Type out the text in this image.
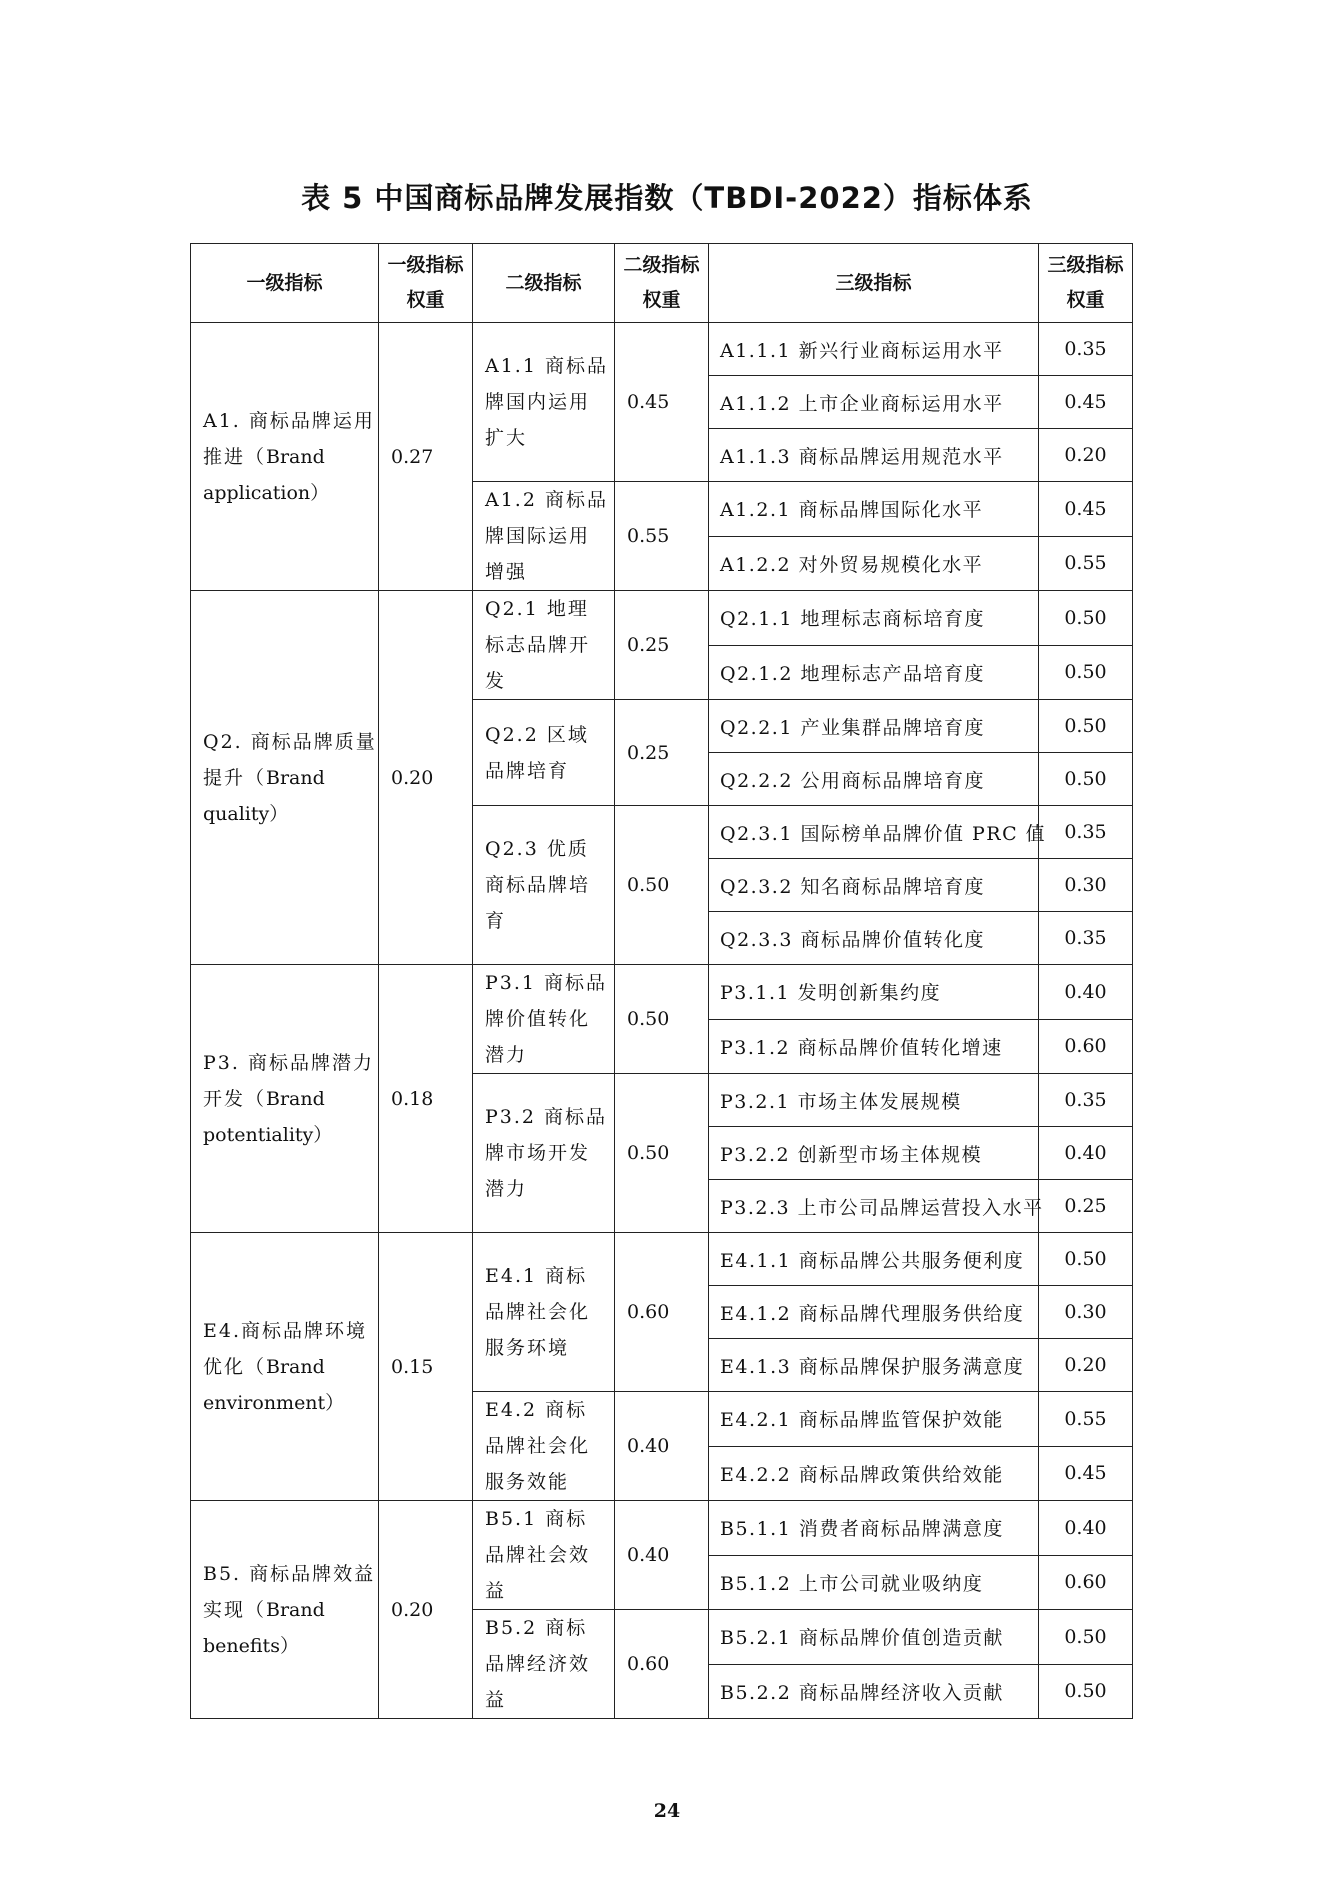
表 5 中国商标品牌发展指数（TBDI-2022）指标体系
一级指标	一级指标权重	二级指标	二级指标权重	三级指标	三级指标权重
A1. 商标品牌运用推进（Brand application）	0.27	A1.1 商标品牌国内运用扩大	0.45	A1.1.1 新兴行业商标运用水平	0.35
				A1.1.2 上市企业商标运用水平	0.45
				A1.1.3 商标品牌运用规范水平	0.20
		A1.2 商标品牌国际运用增强	0.55	A1.2.1 商标品牌国际化水平	0.45
				A1.2.2 对外贸易规模化水平	0.55
Q2. 商标品牌质量提升（Brand quality）	0.20	Q2.1 地理标志品牌开发	0.25	Q2.1.1 地理标志商标培育度	0.50
				Q2.1.2 地理标志产品培育度	0.50
		Q2.2 区域品牌培育	0.25	Q2.2.1 产业集群品牌培育度	0.50
				Q2.2.2 公用商标品牌培育度	0.50
		Q2.3 优质商标品牌培育	0.50	Q2.3.1 国际榜单品牌价值 PRC 值	0.35
				Q2.3.2 知名商标品牌培育度	0.30
				Q2.3.3 商标品牌价值转化度	0.35
P3. 商标品牌潜力开发（Brand potentiality）	0.18	P3.1 商标品牌价值转化潜力	0.50	P3.1.1 发明创新集约度	0.40
				P3.1.2 商标品牌价值转化增速	0.60
		P3.2 商标品牌市场开发潜力	0.50	P3.2.1 市场主体发展规模	0.35
				P3.2.2 创新型市场主体规模	0.40
				P3.2.3 上市公司品牌运营投入水平	0.25
E4.商标品牌环境优化（Brand environment）	0.15	E4.1 商标品牌社会化服务环境	0.60	E4.1.1 商标品牌公共服务便利度	0.50
				E4.1.2 商标品牌代理服务供给度	0.30
				E4.1.3 商标品牌保护服务满意度	0.20
		E4.2 商标品牌社会化服务效能	0.40	E4.2.1 商标品牌监管保护效能	0.55
				E4.2.2 商标品牌政策供给效能	0.45
B5. 商标品牌效益实现（Brand benefits）	0.20	B5.1 商标品牌社会效益	0.40	B5.1.1 消费者商标品牌满意度	0.40
				B5.1.2 上市公司就业吸纳度	0.60
		B5.2 商标品牌经济效益	0.60	B5.2.1 商标品牌价值创造贡献	0.50
				B5.2.2 商标品牌经济收入贡献	0.50
24
